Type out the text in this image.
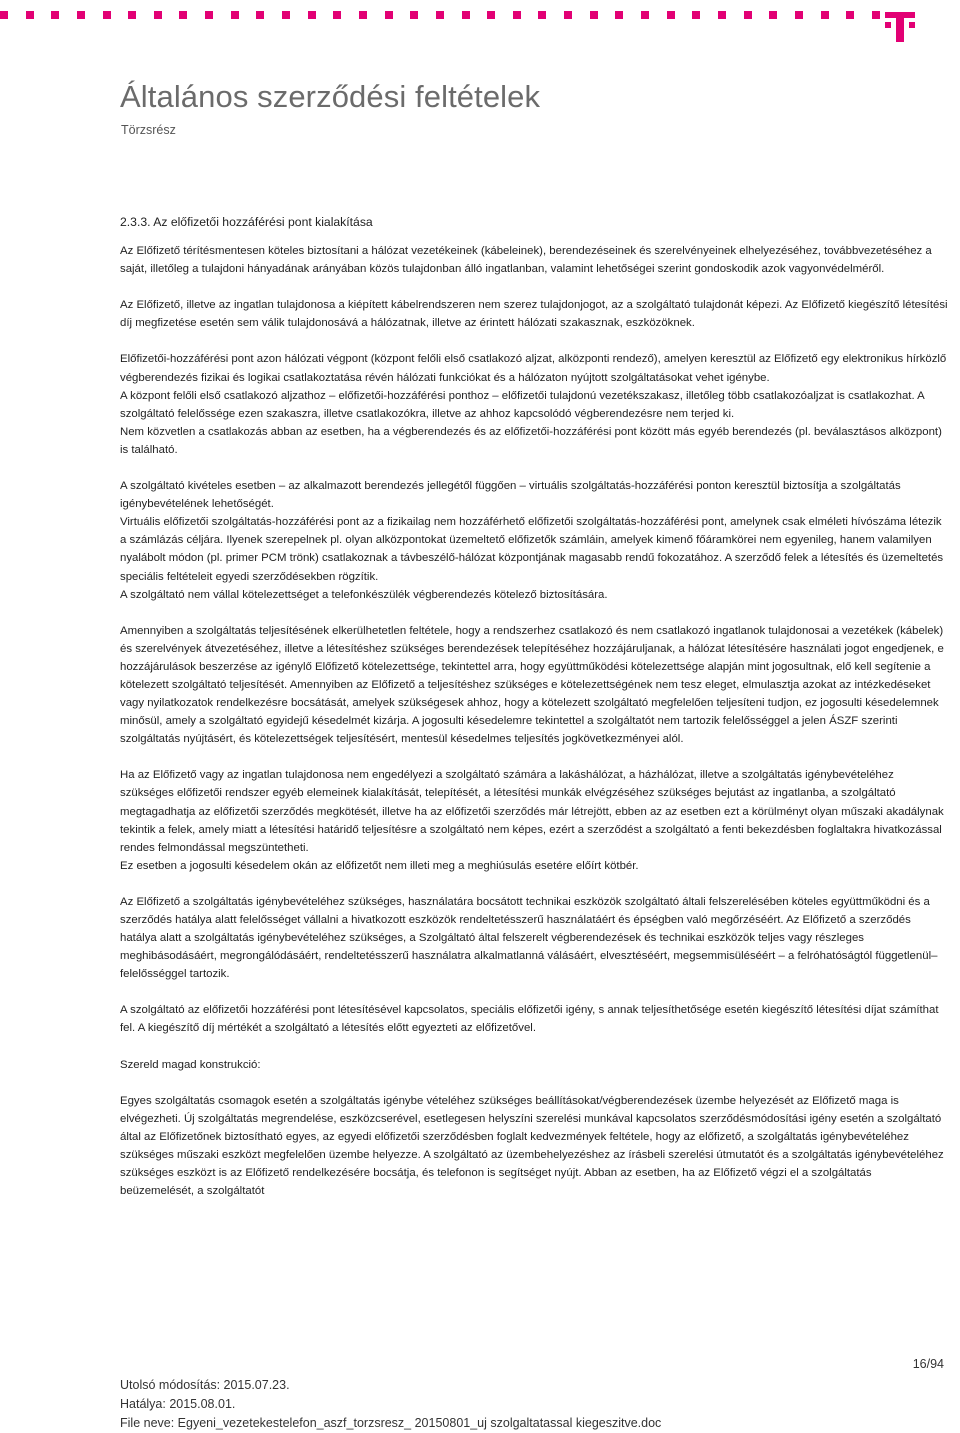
Általános szerződési feltételek
Törzsrész

2.3.3. Az előfizetői hozzáférési pont kialakítása

Az Előfizető térítésmentesen köteles biztosítani a hálózat vezetékeinek (kábeleinek), berendezéseinek és szerelvényeinek elhelyezéséhez, továbbvezetéséhez a saját, illetőleg a tulajdoni hányadának arányában közös tulajdonban álló ingatlanban, valamint lehetőségei szerint gondoskodik azok vagyonvédelméről.

Az Előfizető, illetve az ingatlan tulajdonosa a kiépített kábelrendszeren nem szerez tulajdonjogot, az a szolgáltató tulajdonát képezi. Az Előfizető kiegészítő létesítési díj megfizetése esetén sem válik tulajdonosává a hálózatnak, illetve az érintett hálózati szakasznak, eszközöknek.

Előfizetői-hozzáférési pont azon hálózati végpont (központ felőli első csatlakozó aljzat, alközponti rendező), amelyen keresztül az Előfizető egy elektronikus hírközlő végberendezés fizikai és logikai csatlakoztatása révén hálózati funkciókat és a hálózaton nyújtott szolgáltatásokat vehet igénybe.

A központ felőli első csatlakozó aljzathoz – előfizetői-hozzáférési ponthoz – előfizetői tulajdonú vezetékszakasz, illetőleg több csatlakozóaljzat is csatlakozhat. A szolgáltató felelőssége ezen szakaszra, illetve csatlakozókra, illetve az ahhoz kapcsolódó végberendezésre nem terjed ki.

Nem közvetlen a csatlakozás abban az esetben, ha a végberendezés és az előfizetői-hozzáférési pont között más egyéb berendezés (pl. beválasztásos alközpont) is található.

A szolgáltató kivételes esetben – az alkalmazott berendezés jellegétől függően – virtuális szolgáltatás-hozzáférési ponton keresztül biztosítja a szolgáltatás igénybevételének lehetőségét.

Virtuális előfizetői szolgáltatás-hozzáférési pont az a fizikailag nem hozzáférhető előfizetői szolgáltatás-hozzáférési pont, amelynek csak elméleti hívószáma létezik a számlázás céljára. Ilyenek szerepelnek pl. olyan alközpontokat üzemeltető előfizetők számláin, amelyek kimenő főáramkörei nem egyenileg, hanem valamilyen nyalábolt módon (pl. primer PCM trönk) csatlakoznak a távbeszélő-hálózat központjának magasabb rendű fokozatához. A szerződő felek a létesítés és üzemeltetés speciális feltételeit egyedi szerződésekben rögzítik.

A szolgáltató nem vállal kötelezettséget a telefonkészülék végberendezés kötelező biztosítására.

Amennyiben a szolgáltatás teljesítésének elkerülhetetlen feltétele, hogy a rendszerhez csatlakozó és nem csatlakozó ingatlanok tulajdonosai a vezetékek (kábelek) és szerelvények átvezetéséhez, illetve a létesítéshez szükséges berendezések telepítéséhez hozzájáruljanak, a hálózat létesítésére használati jogot engedjenek, e hozzájárulások beszerzése az igénylő Előfizető kötelezettsége, tekintettel arra, hogy együttműködési kötelezettsége alapján mint jogosultnak, elő kell segítenie a kötelezett szolgáltató teljesítését. Amennyiben az Előfizető a teljesítéshez szükséges e kötelezettségének nem tesz eleget, elmulasztja azokat az intézkedéseket vagy nyilatkozatok rendelkezésre bocsátását, amelyek szükségesek ahhoz, hogy a kötelezett szolgáltató megfelelően teljesíteni tudjon, ez jogosulti késedelemnek minősül, amely a szolgáltató egyidejű késedelmét kizárja. A jogosulti késedelemre tekintettel a szolgáltatót nem tartozik felelősséggel a jelen ÁSZF szerinti szolgáltatás nyújtásért, és kötelezettségek teljesítésért, mentesül késedelmes teljesítés jogkövetkezményei alól.

Ha az Előfizető vagy az ingatlan tulajdonosa nem engedélyezi a szolgáltató számára a lakáshálózat, a házhálózat, illetve a szolgáltatás igénybevételéhez szükséges előfizetői rendszer egyéb elemeinek kialakítását, telepítését, a létesítési munkák elvégzéséhez szükséges bejutást az ingatlanba, a szolgáltató megtagadhatja az előfizetői szerződés megkötését, illetve ha az előfizetői szerződés már létrejött, ebben az az esetben ezt a körülményt olyan műszaki akadálynak tekintik a felek, amely miatt a létesítési határidő teljesítésre a szolgáltató nem képes, ezért a szerződést a szolgáltató a fenti bekezdésben foglaltakra hivatkozással rendes felmondással megszüntetheti.

Ez esetben a jogosulti késedelem okán az előfizetőt nem illeti meg a meghiúsulás esetére előírt kötbér.

Az Előfizető a szolgáltatás igénybevételéhez szükséges, használatára bocsátott technikai eszközök szolgáltató általi felszerelésében köteles együttműködni és a szerződés hatálya alatt felelősséget vállalni a hivatkozott eszközök rendeltetésszerű használatáért és épségben való megőrzéséért. Az Előfizető a szerződés hatálya alatt a szolgáltatás igénybevételéhez szükséges, a Szolgáltató által felszerelt végberendezések és technikai eszközök teljes vagy részleges meghibásodásáért, megrongálódásáért, rendeltetésszerű használatra alkalmatlanná válásáért, elvesztéséért, megsemmisüléséért – a felróhatóságtól függetlenül– felelősséggel tartozik.

A szolgáltató az előfizetői hozzáférési pont létesítésével kapcsolatos, speciális előfizetői igény, s annak teljesíthetősége esetén kiegészítő létesítési díjat számíthat fel. A kiegészítő díj mértékét a szolgáltató a létesítés előtt egyezteti az előfizetővel.

Szereld magad konstrukció:

Egyes szolgáltatás csomagok esetén a szolgáltatás igénybe vételéhez szükséges beállításokat/végberendezések üzembe helyezését az Előfizető maga is elvégezheti. Új szolgáltatás megrendelése, eszközcserével, esetlegesen helyszíni szerelési munkával kapcsolatos szerződésmódosítási igény esetén a szolgáltató által az Előfizetőnek biztosítható egyes, az egyedi előfizetői szerződésben foglalt kedvezmények feltétele, hogy az előfizető, a szolgáltatás igénybevételéhez szükséges műszaki eszközt megfelelően üzembe helyezze. A szolgáltató az üzembehelyezéshez az írásbeli szerelési útmutatót és a szolgáltatás igénybevételéhez szükséges eszközt is az Előfizető rendelkezésére bocsátja, és telefonon is segítséget nyújt. Abban az esetben, ha az Előfizető végzi el a szolgáltatás beüzemelését, a szolgáltatót

16/94
Utolsó módosítás: 2015.07.23.
Hatálya: 2015.08.01.
File neve: Egyeni_vezetekestelefon_aszf_torzsresz_ 20150801_uj szolgaltatassal kiegeszitve.doc
